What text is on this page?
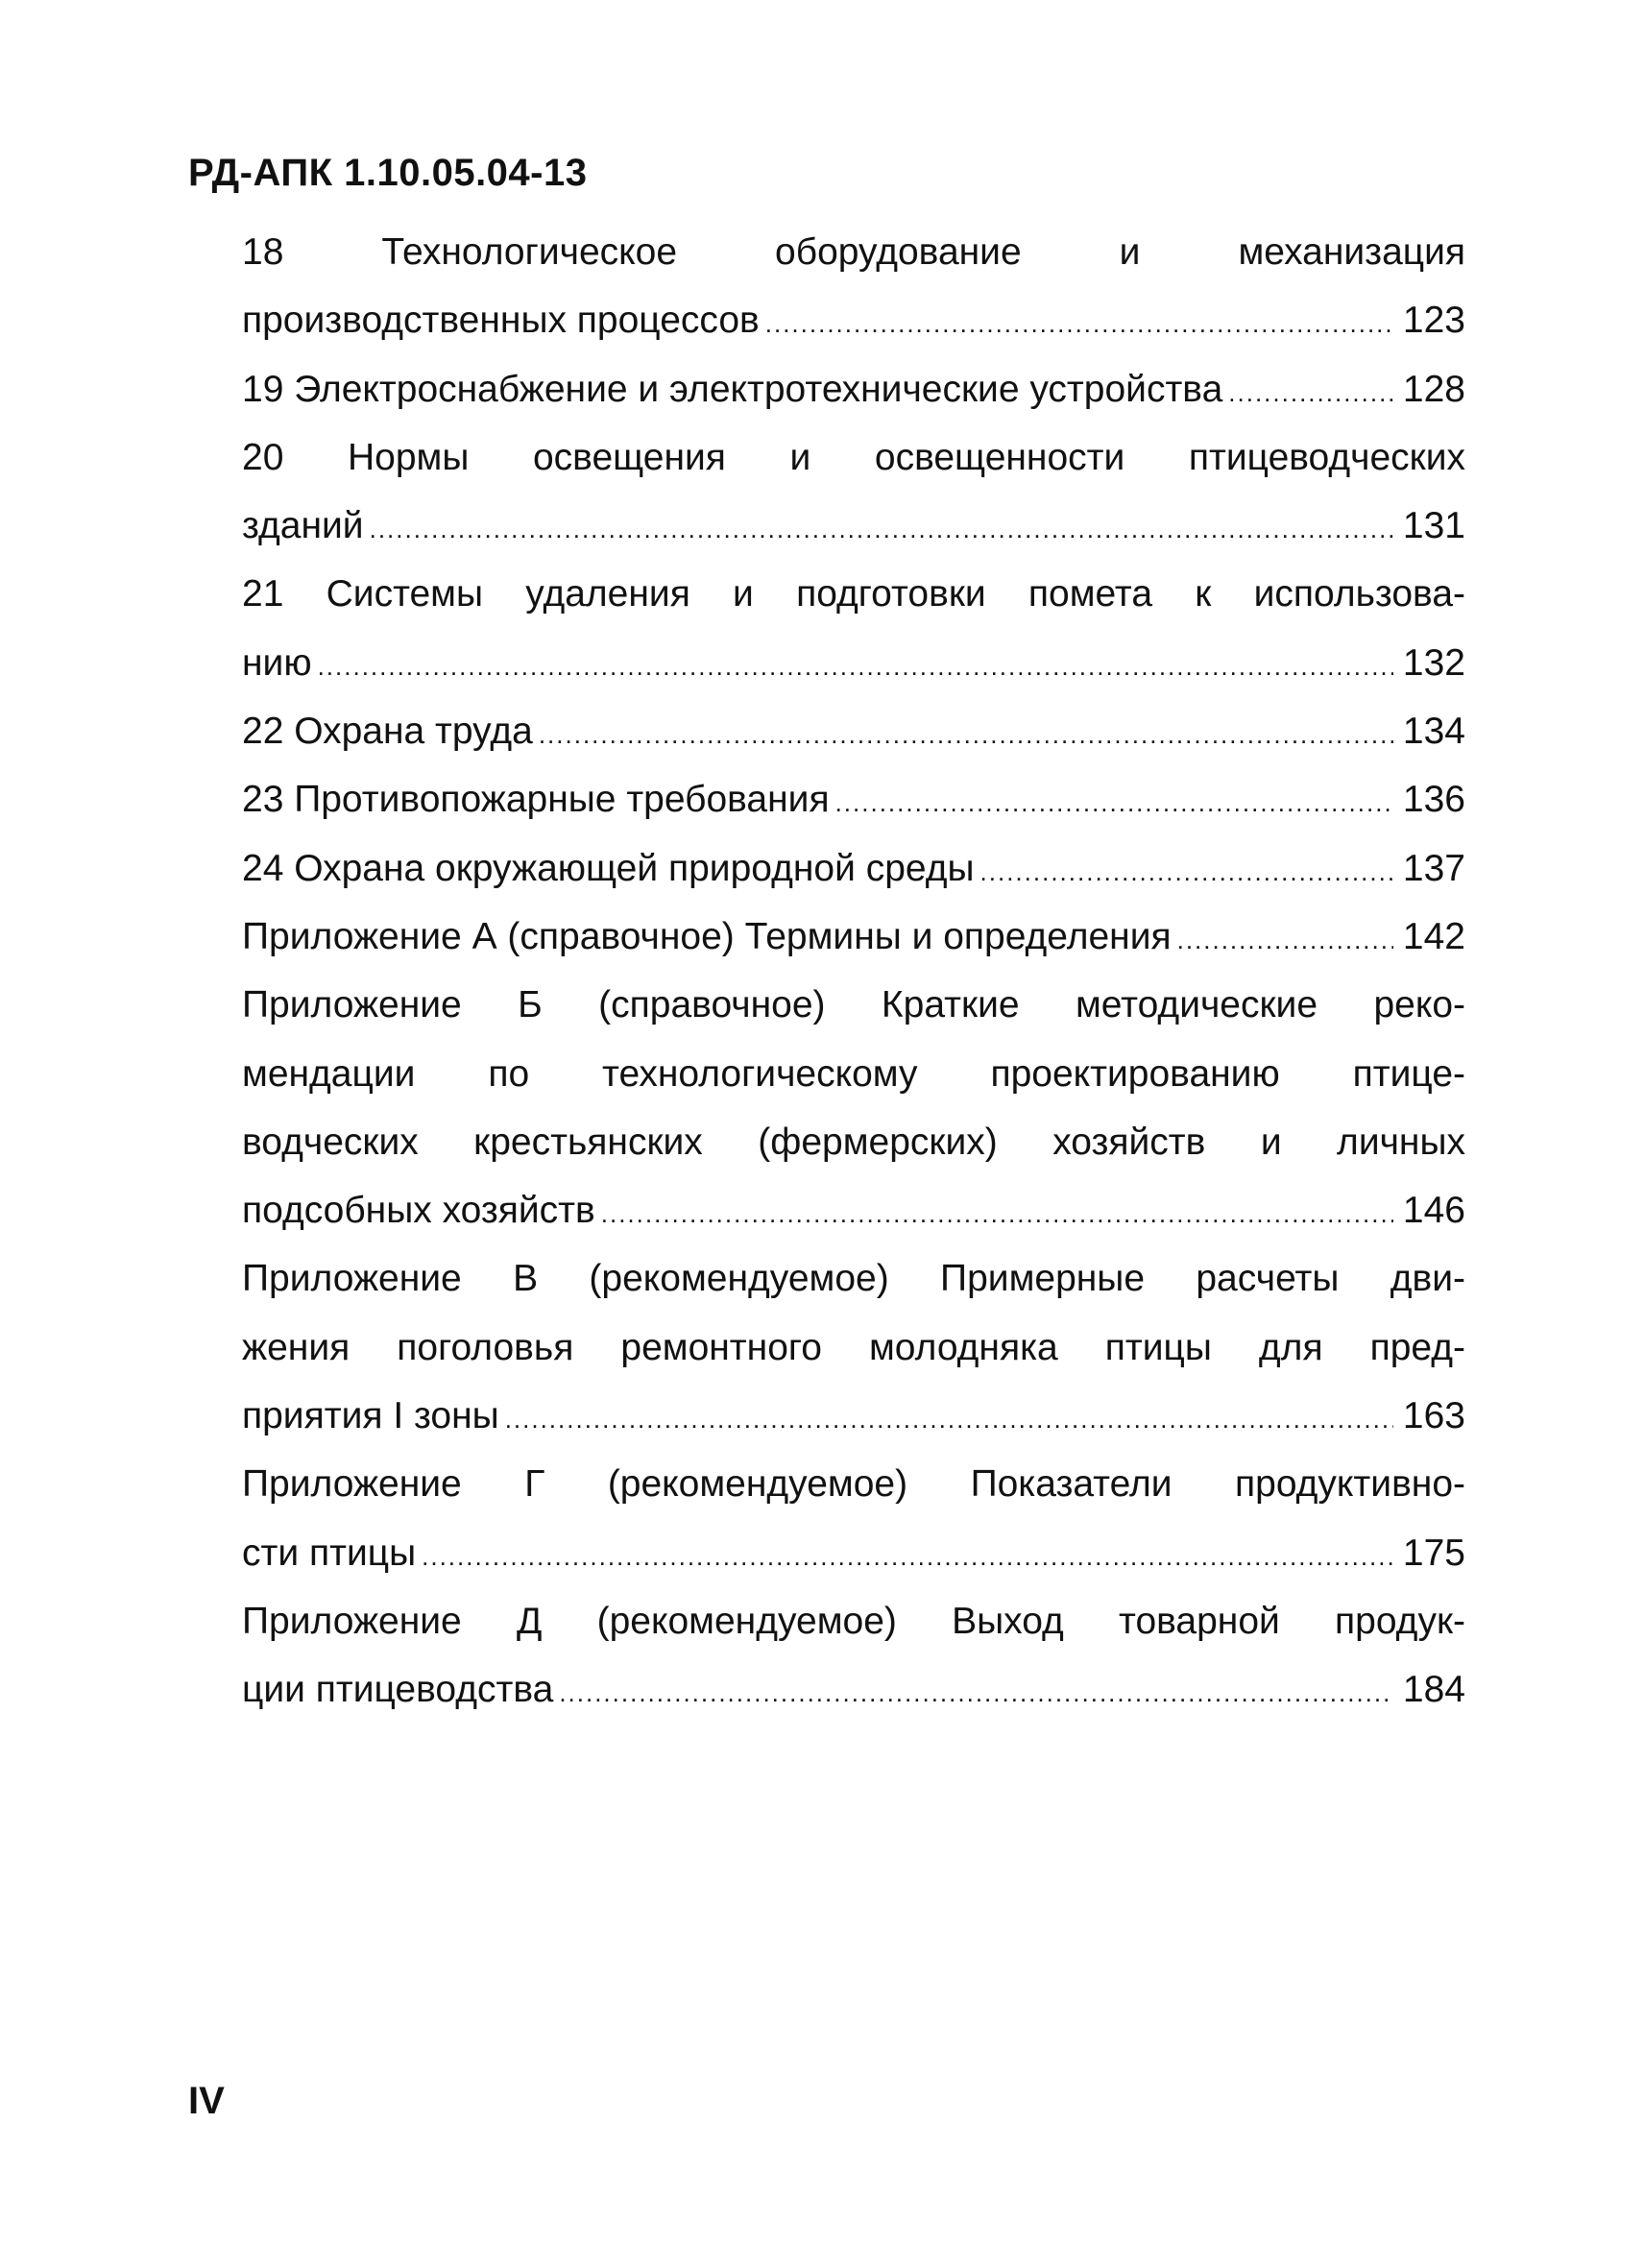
РД-АПК 1.10.05.04-13
18 Технологическое оборудование и механизация
производственных процессов .....	123
19 Электроснабжение и электротехнические устройства .....	128
20 Нормы освещения и освещенности птицеводческих
зданий .....	131
21 Системы удаления и подготовки помета к использова-
нию .....	132
22 Охрана труда .....	134
23 Противопожарные требования .....	136
24 Охрана окружающей природной среды .....	137
Приложение А (справочное) Термины и определения .....	142
Приложение Б (справочное) Краткие методические реко-
мендации по технологическому проектированию птице-
водческих крестьянских (фермерских) хозяйств и личных
подсобных хозяйств .....	146
Приложение В (рекомендуемое) Примерные расчеты дви-
жения поголовья ремонтного молодняка птицы для пред-
приятия I зоны .....	163
Приложение Г (рекомендуемое) Показатели продуктивно-
сти птицы .....	175
Приложение Д (рекомендуемое) Выход товарной продук-
ции птицеводства .....	184
IV
